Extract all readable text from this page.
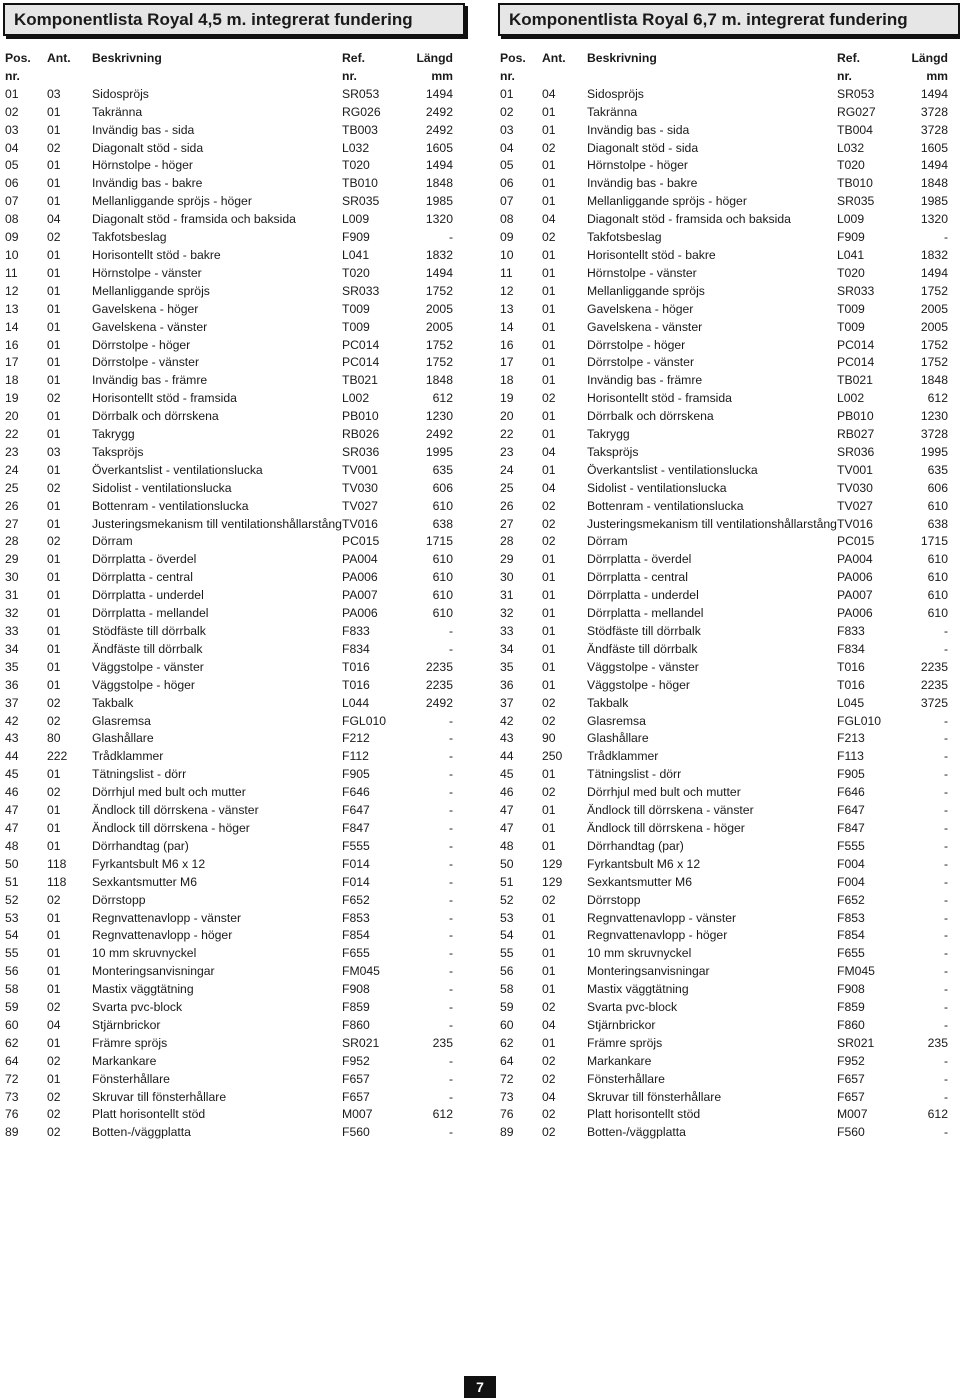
Komponentlista Royal 4,5 m. integrerat fundering
Pos.	Ant.	Beskrivning	Ref.	Längd
nr.			nr.	mm
01	03	Sidospröjs	SR053	1494
02	01	Takränna	RG026	2492
03	01	Invändig bas - sida	TB003	2492
04	02	Diagonalt stöd - sida	L032	1605
05	01	Hörnstolpe - höger	T020	1494
06	01	Invändig bas - bakre	TB010	1848
07	01	Mellanliggande spröjs - höger	SR035	1985
08	04	Diagonalt stöd - framsida och baksida	L009	1320
09	02	Takfotsbeslag	F909	-
10	01	Horisontellt stöd - bakre	L041	1832
11	01	Hörnstolpe - vänster	T020	1494
12	01	Mellanliggande spröjs	SR033	1752
13	01	Gavelskena - höger	T009	2005
14	01	Gavelskena - vänster	T009	2005
16	01	Dörrstolpe - höger	PC014	1752
17	01	Dörrstolpe - vänster	PC014	1752
18	01	Invändig bas - främre	TB021	1848
19	02	Horisontellt stöd - framsida	L002	612
20	01	Dörrbalk och dörrskena	PB010	1230
22	01	Takrygg	RB026	2492
23	03	Takspröjs	SR036	1995
24	01	Överkantslist - ventilationslucka	TV001	635
25	02	Sidolist - ventilationslucka	TV030	606
26	01	Bottenram - ventilationslucka	TV027	610
27	01	Justeringsmekanism till ventilationshållarstång	TV016	638
28	02	Dörram	PC015	1715
29	01	Dörrplatta - överdel	PA004	610
30	01	Dörrplatta - central	PA006	610
31	01	Dörrplatta - underdel	PA007	610
32	01	Dörrplatta - mellandel	PA006	610
33	01	Stödfäste till dörrbalk	F833	-
34	01	Ändfäste till dörrbalk	F834	-
35	01	Väggstolpe - vänster	T016	2235
36	01	Väggstolpe - höger	T016	2235
37	02	Takbalk	L044	2492
42	02	Glasremsa	FGL010	-
43	80	Glashållare	F212	-
44	222	Trådklammer	F112	-
45	01	Tätningslist - dörr	F905	-
46	02	Dörrhjul med bult och mutter	F646	-
47	01	Ändlock till dörrskena - vänster	F647	-
47	01	Ändlock till dörrskena - höger	F847	-
48	01	Dörrhandtag (par)	F555	-
50	118	Fyrkantsbult M6 x 12	F014	-
51	118	Sexkantsmutter M6	F014	-
52	02	Dörrstopp	F652	-
53	01	Regnvattenavlopp - vänster	F853	-
54	01	Regnvattenavlopp - höger	F854	-
55	01	10 mm skruvnyckel	F655	-
56	01	Monteringsanvisningar	FM045	-
58	01	Mastix väggtätning	F908	-
59	02	Svarta pvc-block	F859	-
60	04	Stjärnbrickor	F860	-
62	01	Främre spröjs	SR021	235
64	02	Markankare	F952	-
72	01	Fönsterhållare	F657	-
73	02	Skruvar till fönsterhållare	F657	-
76	02	Platt horisontellt stöd	M007	612
89	02	Botten-/väggplatta	F560	-
Komponentlista Royal 6,7 m. integrerat fundering
Pos.	Ant.	Beskrivning	Ref.	Längd
nr.			nr.	mm
01	04	Sidospröjs	SR053	1494
02	01	Takränna	RG027	3728
03	01	Invändig bas - sida	TB004	3728
04	02	Diagonalt stöd - sida	L032	1605
05	01	Hörnstolpe - höger	T020	1494
06	01	Invändig bas - bakre	TB010	1848
07	01	Mellanliggande spröjs - höger	SR035	1985
08	04	Diagonalt stöd - framsida och baksida	L009	1320
09	02	Takfotsbeslag	F909	-
10	01	Horisontellt stöd - bakre	L041	1832
11	01	Hörnstolpe - vänster	T020	1494
12	01	Mellanliggande spröjs	SR033	1752
13	01	Gavelskena - höger	T009	2005
14	01	Gavelskena - vänster	T009	2005
16	01	Dörrstolpe - höger	PC014	1752
17	01	Dörrstolpe - vänster	PC014	1752
18	01	Invändig bas - främre	TB021	1848
19	02	Horisontellt stöd - framsida	L002	612
20	01	Dörrbalk och dörrskena	PB010	1230
22	01	Takrygg	RB027	3728
23	04	Takspröjs	SR036	1995
24	01	Överkantslist - ventilationslucka	TV001	635
25	04	Sidolist - ventilationslucka	TV030	606
26	02	Bottenram - ventilationslucka	TV027	610
27	02	Justeringsmekanism till ventilationshållarstång	TV016	638
28	02	Dörram	PC015	1715
29	01	Dörrplatta - överdel	PA004	610
30	01	Dörrplatta - central	PA006	610
31	01	Dörrplatta - underdel	PA007	610
32	01	Dörrplatta - mellandel	PA006	610
33	01	Stödfäste till dörrbalk	F833	-
34	01	Ändfäste till dörrbalk	F834	-
35	01	Väggstolpe - vänster	T016	2235
36	01	Väggstolpe - höger	T016	2235
37	02	Takbalk	L045	3725
42	02	Glasremsa	FGL010	-
43	90	Glashållare	F213	-
44	250	Trådklammer	F113	-
45	01	Tätningslist - dörr	F905	-
46	02	Dörrhjul med bult och mutter	F646	-
47	01	Ändlock till dörrskena - vänster	F647	-
47	01	Ändlock till dörrskena - höger	F847	-
48	01	Dörrhandtag (par)	F555	-
50	129	Fyrkantsbult M6 x 12	F004	-
51	129	Sexkantsmutter M6	F004	-
52	02	Dörrstopp	F652	-
53	01	Regnvattenavlopp - vänster	F853	-
54	01	Regnvattenavlopp - höger	F854	-
55	01	10 mm skruvnyckel	F655	-
56	01	Monteringsanvisningar	FM045	-
58	01	Mastix väggtätning	F908	-
59	02	Svarta pvc-block	F859	-
60	04	Stjärnbrickor	F860	-
62	01	Främre spröjs	SR021	235
64	02	Markankare	F952	-
72	02	Fönsterhållare	F657	-
73	04	Skruvar till fönsterhållare	F657	-
76	02	Platt horisontellt stöd	M007	612
89	02	Botten-/väggplatta	F560	-
7
